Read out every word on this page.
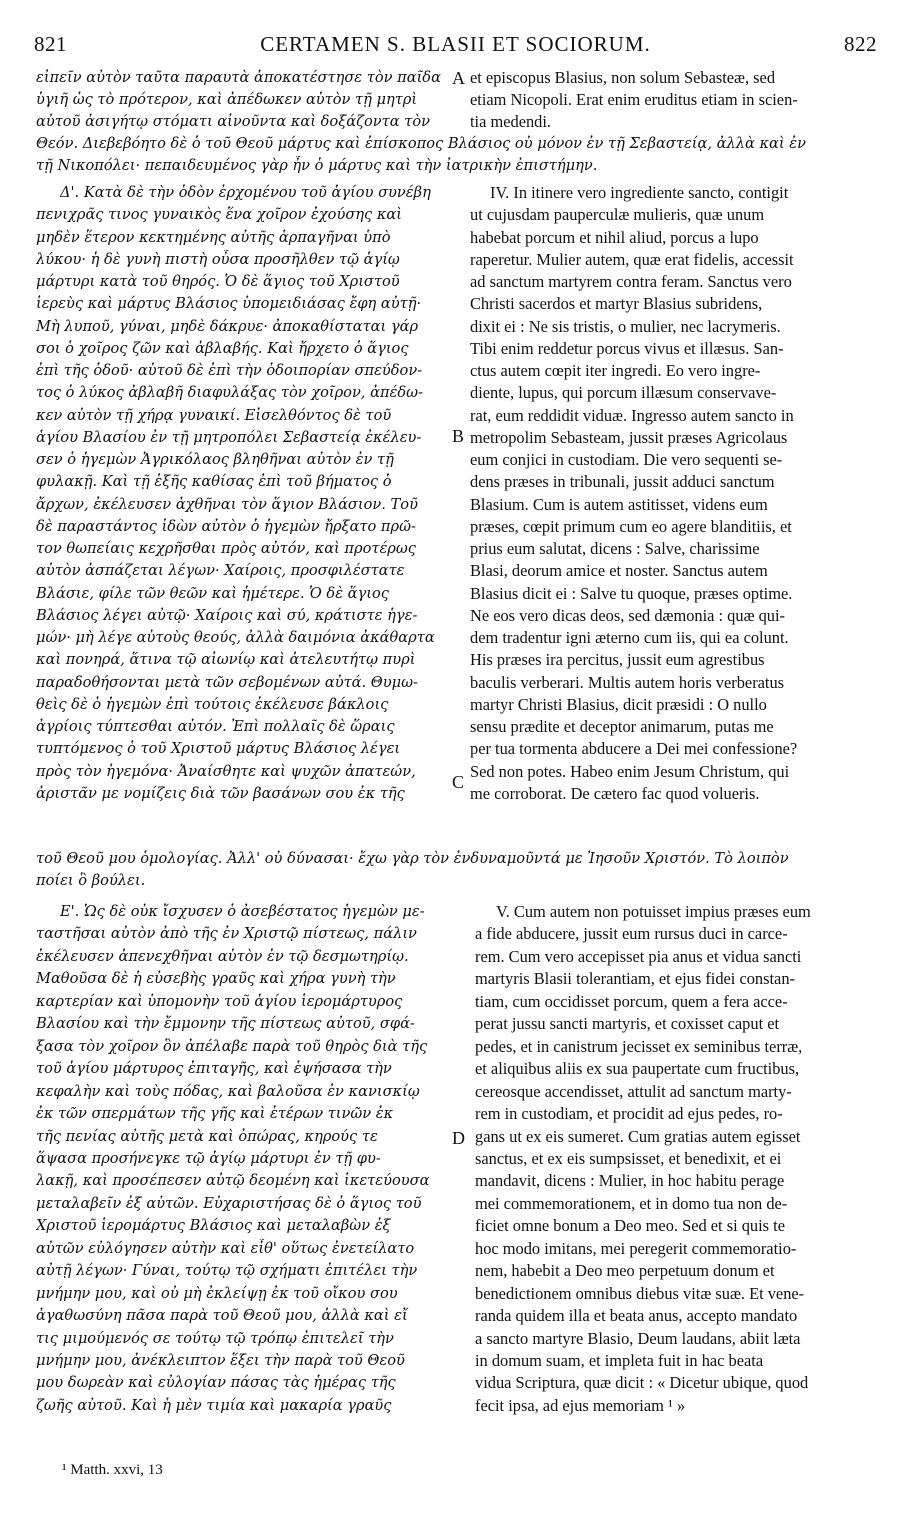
821	CERTAMEN S. BLASII ET SOCIORUM.	822
εἰπεῖν αὐτὸν ταῦτα παραυτὰ ἀποκατέστησε τὸν παῖδα
ὑγιῆ ὡς τὸ πρότερον, καὶ ἀπέδωκεν αὐτὸν τῇ μητρὶ
αὐτοῦ ἀσιγήτῳ στόματι αἰνοῦντα καὶ δοξάζοντα τὸν
et episcopus Blasius, non solum Sebasteæ, sed
etiam Nicopoli. Erat enim eruditus etiam in scien-
tia medendi.
Θεόν. Διεβεβόητο δὲ ὁ τοῦ Θεοῦ μάρτυς καὶ ἐπίσκοπος Βλάσιος οὐ μόνον ἐν τῇ Σεβαστείᾳ, ἀλλὰ καὶ ἐν
τῇ Νικοπόλει· πεπαιδευμένος γὰρ ἦν ὁ μάρτυς καὶ τὴν ἰατρικὴν ἐπιστήμην.
Δ'. Κατὰ δὲ τὴν ὁδὸν ἐρχομένου τοῦ ἁγίου συνέβη
πενιχρᾶς τινος γυναικὸς ἕνα χοῖρον ἐχούσης καὶ
μηδὲν ἕτερον κεκτημένης αὐτῆς ἁρπαγῆναι ὑπὸ
λύκου· ἡ δὲ γυνὴ πιστὴ οὖσα προσῆλθεν τῷ ἁγίῳ
μάρτυρι κατὰ τοῦ θηρός. Ὁ δὲ ἅγιος τοῦ Χριστοῦ
ἱερεὺς καὶ μάρτυς Βλάσιος ὑπομειδιάσας ἔφη αὐτῇ·
Μὴ λυποῦ, γύναι, μηδὲ δάκρυε· ἀποκαθίσταται γάρ
σοι ὁ χοῖρος ζῶν καὶ ἀβλαβής. Καὶ ἤρχετο ὁ ἅγιος
ἐπὶ τῆς ὁδοῦ· αὐτοῦ δὲ ἐπὶ τὴν ὁδοιπορίαν σπεύδον-
τος ὁ λύκος ἀβλαβῆ διαφυλάξας τὸν χοῖρον, ἀπέδω-
κεν αὐτὸν τῇ χήρᾳ γυναικί. Εἰσελθόντος δὲ τοῦ
ἁγίου Βλασίου ἐν τῇ μητροπόλει Σεβαστείᾳ ἐκέλευ-
σεν ὁ ἡγεμὼν Ἀγρικόλαος βληθῆναι αὐτὸν ἐν τῇ
φυλακῇ. Καὶ τῇ ἑξῆς καθίσας ἐπὶ τοῦ βήματος ὁ
ἄρχων, ἐκέλευσεν ἀχθῆναι τὸν ἅγιον Βλάσιον. Τοῦ
δὲ παραστάντος ἰδὼν αὐτὸν ὁ ἡγεμὼν ἤρξατο πρῶ-
τον θωπείαις κεχρῆσθαι πρὸς αὐτόν, καὶ προτέρως
αὐτὸν ἀσπάζεται λέγων· Χαίροις, προσφιλέστατε
Βλάσιε, φίλε τῶν θεῶν καὶ ἡμέτερε. Ὁ δὲ ἅγιος
Βλάσιος λέγει αὐτῷ· Χαίροις καὶ σύ, κράτιστε ἡγε-
μών· μὴ λέγε αὐτοὺς θεούς, ἀλλὰ δαιμόνια ἀκάθαρτα
καὶ πονηρά, ἅτινα τῷ αἰωνίῳ καὶ ἀτελευτήτῳ πυρὶ
παραδοθήσονται μετὰ τῶν σεβομένων αὐτά. Θυμω-
θεὶς δὲ ὁ ἡγεμὼν ἐπὶ τούτοις ἐκέλευσε βάκλοις
ἀγρίοις τύπτεσθαι αὐτόν. Ἐπὶ πολλαῖς δὲ ὥραις
τυπτόμενος ὁ τοῦ Χριστοῦ μάρτυς Βλάσιος λέγει
πρὸς τὸν ἡγεμόνα· Ἀναίσθητε καὶ ψυχῶν ἀπατεών,
ἀριστᾶν με νομίζεις διὰ τῶν βασάνων σου ἐκ τῆς
IV. In itinere vero ingrediente sancto, contigit
ut cujusdam pauperculæ mulieris, quæ unum
habebat porcum et nihil aliud, porcus a lupo
raperetur. Mulier autem, quæ erat fidelis, accessit
ad sanctum martyrem contra feram. Sanctus vero
Christi sacerdos et martyr Blasius subridens,
dixit ei : Ne sis tristis, o mulier, nec lacrymeris.
Tibi enim reddetur porcus vivus et illæsus. San-
ctus autem cœpit iter ingredi. Eo vero ingre-
diente, lupus, qui porcum illæsum conservave-
rat, eum reddidit viduæ. Ingresso autem sancto in
metropolim Sebasteam, jussit præses Agricolaus
eum conjici in custodiam. Die vero sequenti se-
dens præses in tribunali, jussit adduci sanctum
Blasium. Cum is autem astitisset, videns eum
præses, cœpit primum cum eo agere blanditiis, et
prius eum salutat, dicens : Salve, charissime
Blasi, deorum amice et noster. Sanctus autem
Blasius dicit ei : Salve tu quoque, præses optime.
Ne eos vero dicas deos, sed dæmonia : quæ qui-
dem tradentur igni æterno cum iis, qui ea colunt.
His præses ira percitus, jussit eum agrestibus
baculis verberari. Multis autem horis verberatus
martyr Christi Blasius, dicit præsidi : O nullo
sensu prædite et deceptor animarum, putas me
per tua tormenta abducere a Dei mei confessione?
Sed non potes. Habeo enim Jesum Christum, qui
me corroborat. De cætero fac quod volueris.
τοῦ Θεοῦ μου ὁμολογίας. Ἀλλ' οὐ δύνασαι· ἔχω γὰρ τὸν ἐνδυναμοῦντά με Ἰησοῦν Χριστόν. Τὸ λοιπὸν
ποίει ὃ βούλει.
Ε'. Ὡς δὲ οὐκ ἴσχυσεν ὁ ἀσεβέστατος ἡγεμὼν με-
ταστῆσαι αὐτὸν ἀπὸ τῆς ἐν Χριστῷ πίστεως, πάλιν
ἐκέλευσεν ἀπενεχθῆναι αὐτὸν ἐν τῷ δεσμωτηρίῳ.
Μαθοῦσα δὲ ἡ εὐσεβὴς γραῦς καὶ χήρα γυνὴ τὴν
καρτερίαν καὶ ὑπομονὴν τοῦ ἁγίου ἱερομάρτυρος
Βλασίου καὶ τὴν ἔμμονην τῆς πίστεως αὐτοῦ, σφά-
ξασα τὸν χοῖρον ὃν ἀπέλαβε παρὰ τοῦ θηρὸς διὰ τῆς
τοῦ ἁγίου μάρτυρος ἐπιταγῆς, καὶ ἑψήσασα τὴν
κεφαλὴν καὶ τοὺς πόδας, καὶ βαλοῦσα ἐν κανισκίῳ
ἐκ τῶν σπερμάτων τῆς γῆς καὶ ἑτέρων τινῶν ἐκ
τῆς πενίας αὐτῆς μετὰ καὶ ὀπώρας, κηρούς τε
ἅψασα προσήνεγκε τῷ ἁγίῳ μάρτυρι ἐν τῇ φυ-
λακῇ, καὶ προσέπεσεν αὐτῷ δεομένη καὶ ἱκετεύουσα
μεταλαβεῖν ἐξ αὐτῶν. Εὐχαριστήσας δὲ ὁ ἅγιος τοῦ
Χριστοῦ ἱερομάρτυς Βλάσιος καὶ μεταλαβὼν ἐξ
αὐτῶν εὐλόγησεν αὐτὴν καὶ εἶθ' οὕτως ἐνετείλατο
αὐτῇ λέγων· Γύναι, τούτῳ τῷ σχήματι ἐπιτέλει τὴν
μνήμην μου, καὶ οὐ μὴ ἐκλείψῃ ἐκ τοῦ οἴκου σου
ἀγαθωσύνη πᾶσα παρὰ τοῦ Θεοῦ μου, ἀλλὰ καὶ εἴ
τις μιμούμενός σε τούτῳ τῷ τρόπῳ ἐπιτελεῖ τὴν
μνήμην μου, ἀνέκλειπτον ἕξει τὴν παρὰ τοῦ Θεοῦ
μου δωρεὰν καὶ εὐλογίαν πάσας τὰς ἡμέρας τῆς
ζωῆς αὐτοῦ. Καὶ ἡ μὲν τιμία καὶ μακαρία γραῦς
V. Cum autem non potuisset impius præses eum
a fide abducere, jussit eum rursus duci in carce-
rem. Cum vero accepisset pia anus et vidua sancti
martyris Blasii tolerantiam, et ejus fidei constan-
tiam, cum occidisset porcum, quem a fera acce-
perat jussu sancti martyris, et coxisset caput et
pedes, et in canistrum jecisset ex seminibus terræ,
et aliquibus aliis ex sua paupertate cum fructibus,
cereosque accendisset, attulit ad sanctum marty-
rem in custodiam, et procidit ad ejus pedes, ro-
gans ut ex eis sumeret. Cum gratias autem egisset
sanctus, et ex eis sumpsisset, et benedixit, et ei
mandavit, dicens : Mulier, in hoc habitu perage
mei commemorationem, et in domo tua non de-
ficiet omne bonum a Deo meo. Sed et si quis te
hoc modo imitans, mei peregerit commemoratio-
nem, habebit a Deo meo perpetuum donum et
benedictionem omnibus diebus vitæ suæ. Et vene-
randa quidem illa et beata anus, accepto mandato
a sancto martyre Blasio, Deum laudans, abiit læta
in domum suam, et impleta fuit in hac beata
vidua Scriptura, quæ dicit : « Dicetur ubique, quod
fecit ipsa, ad ejus memoriam ¹ »
A
B
C
D
¹ Matth. xxvi, 13
